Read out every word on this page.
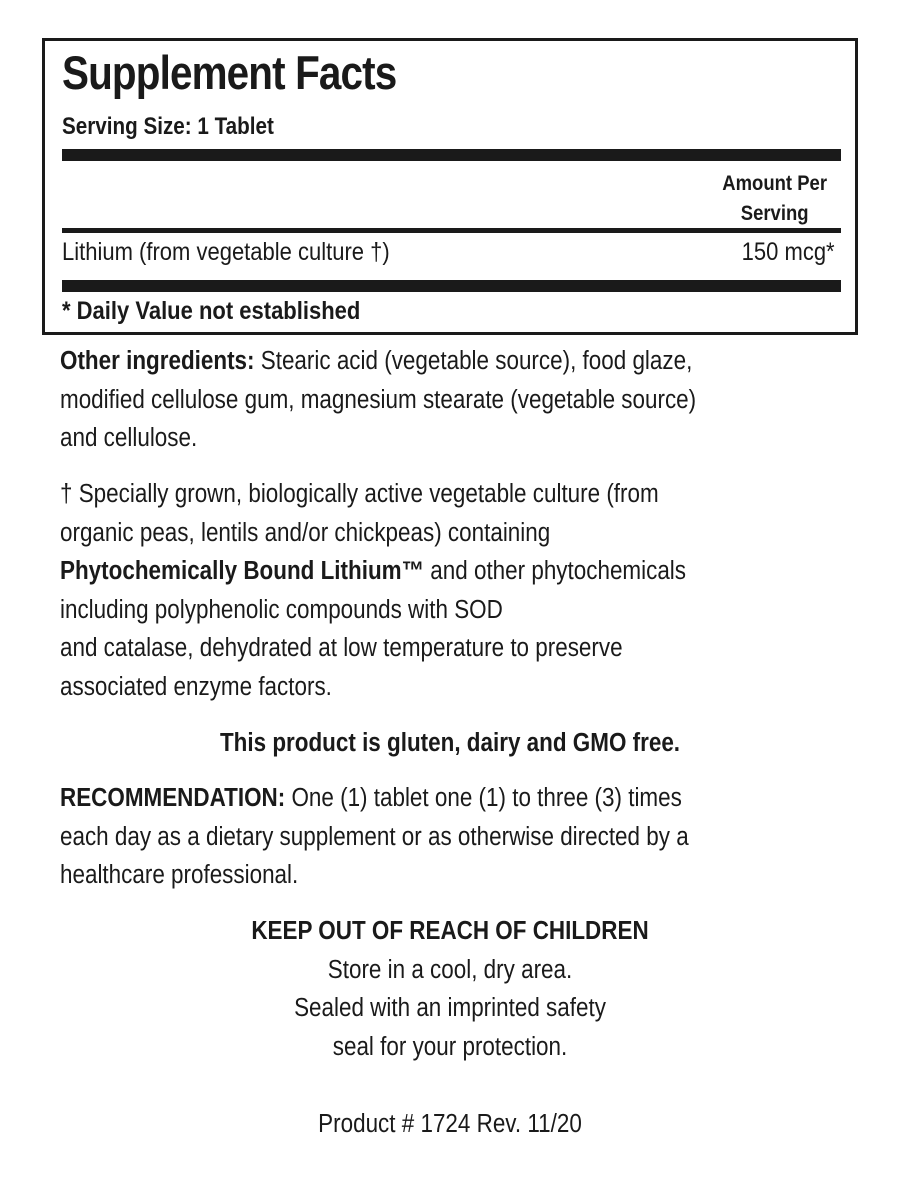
Supplement Facts
Serving Size: 1 Tablet
Amount Per
Serving
Lithium (from vegetable culture †)	150 mcg*
* Daily Value not established
Other ingredients: Stearic acid (vegetable source), food glaze,
modified cellulose gum, magnesium stearate (vegetable source)
and cellulose.
† Specially grown, biologically active vegetable culture (from
organic peas, lentils and/or chickpeas) containing
Phytochemically Bound Lithium™ and other phytochemicals
including polyphenolic compounds with SOD
and catalase, dehydrated at low temperature to preserve
associated enzyme factors.
This product is gluten, dairy and GMO free.
RECOMMENDATION: One (1) tablet one (1) to three (3) times
each day as a dietary supplement or as otherwise directed by a
healthcare professional.
KEEP OUT OF REACH OF CHILDREN
Store in a cool, dry area.
Sealed with an imprinted safety
seal for your protection.
Product # 1724 Rev. 11/20
